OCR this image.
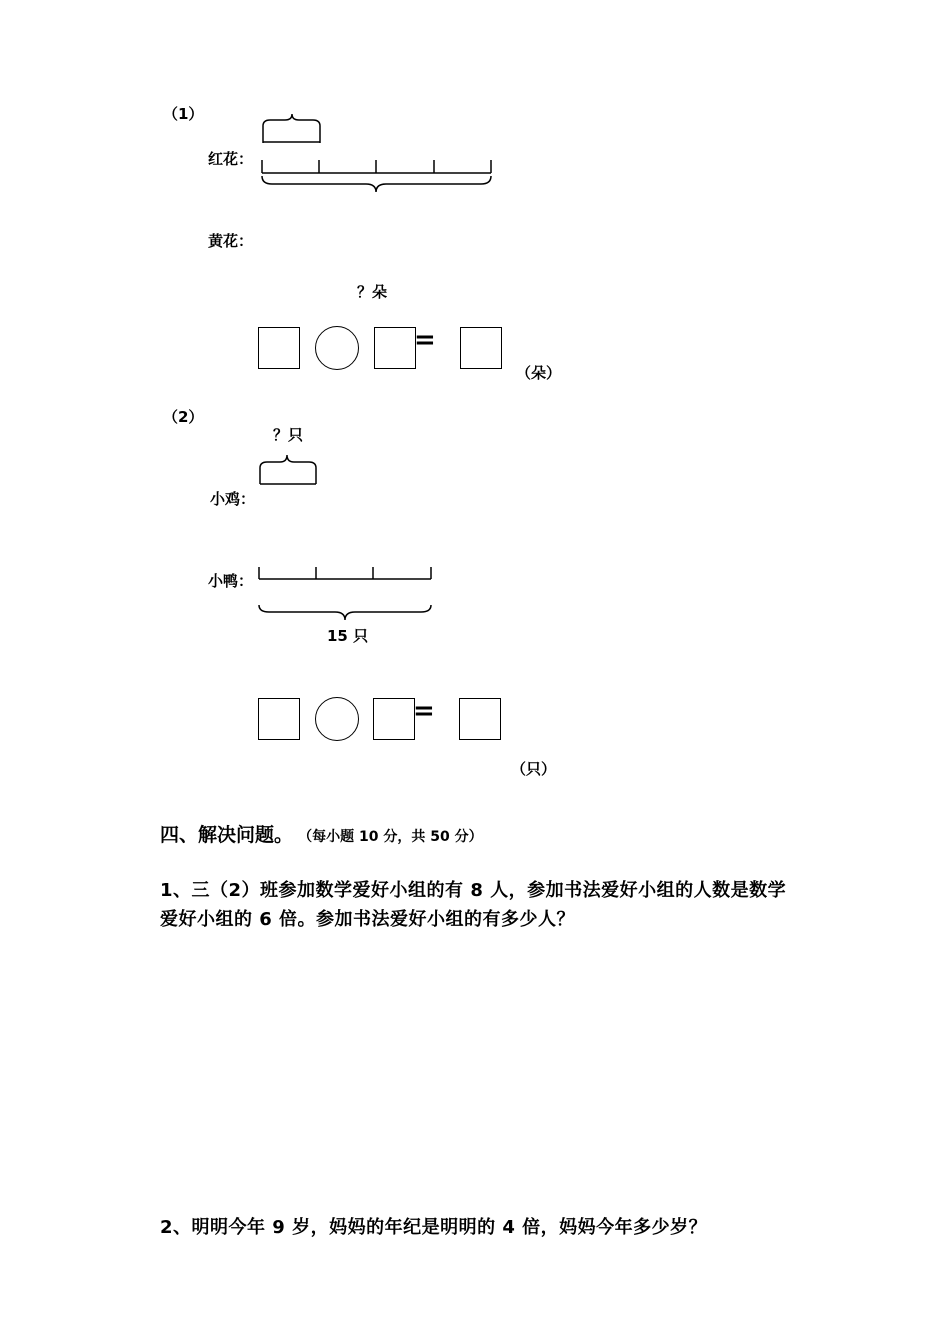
（1）
红花：
黄花：
？朵
=
（朵）
（2）
？只
小鸡：
小鸭：
15 只
=
（只）
四、解决问题。 （每小题 10 分，共 50 分）
1、三（2）班参加数学爱好小组的有 8 人，参加书法爱好小组的人数是数学
爱好小组的 6 倍。参加书法爱好小组的有多少人？
2、明明今年 9 岁，妈妈的年纪是明明的 4 倍，妈妈今年多少岁？
